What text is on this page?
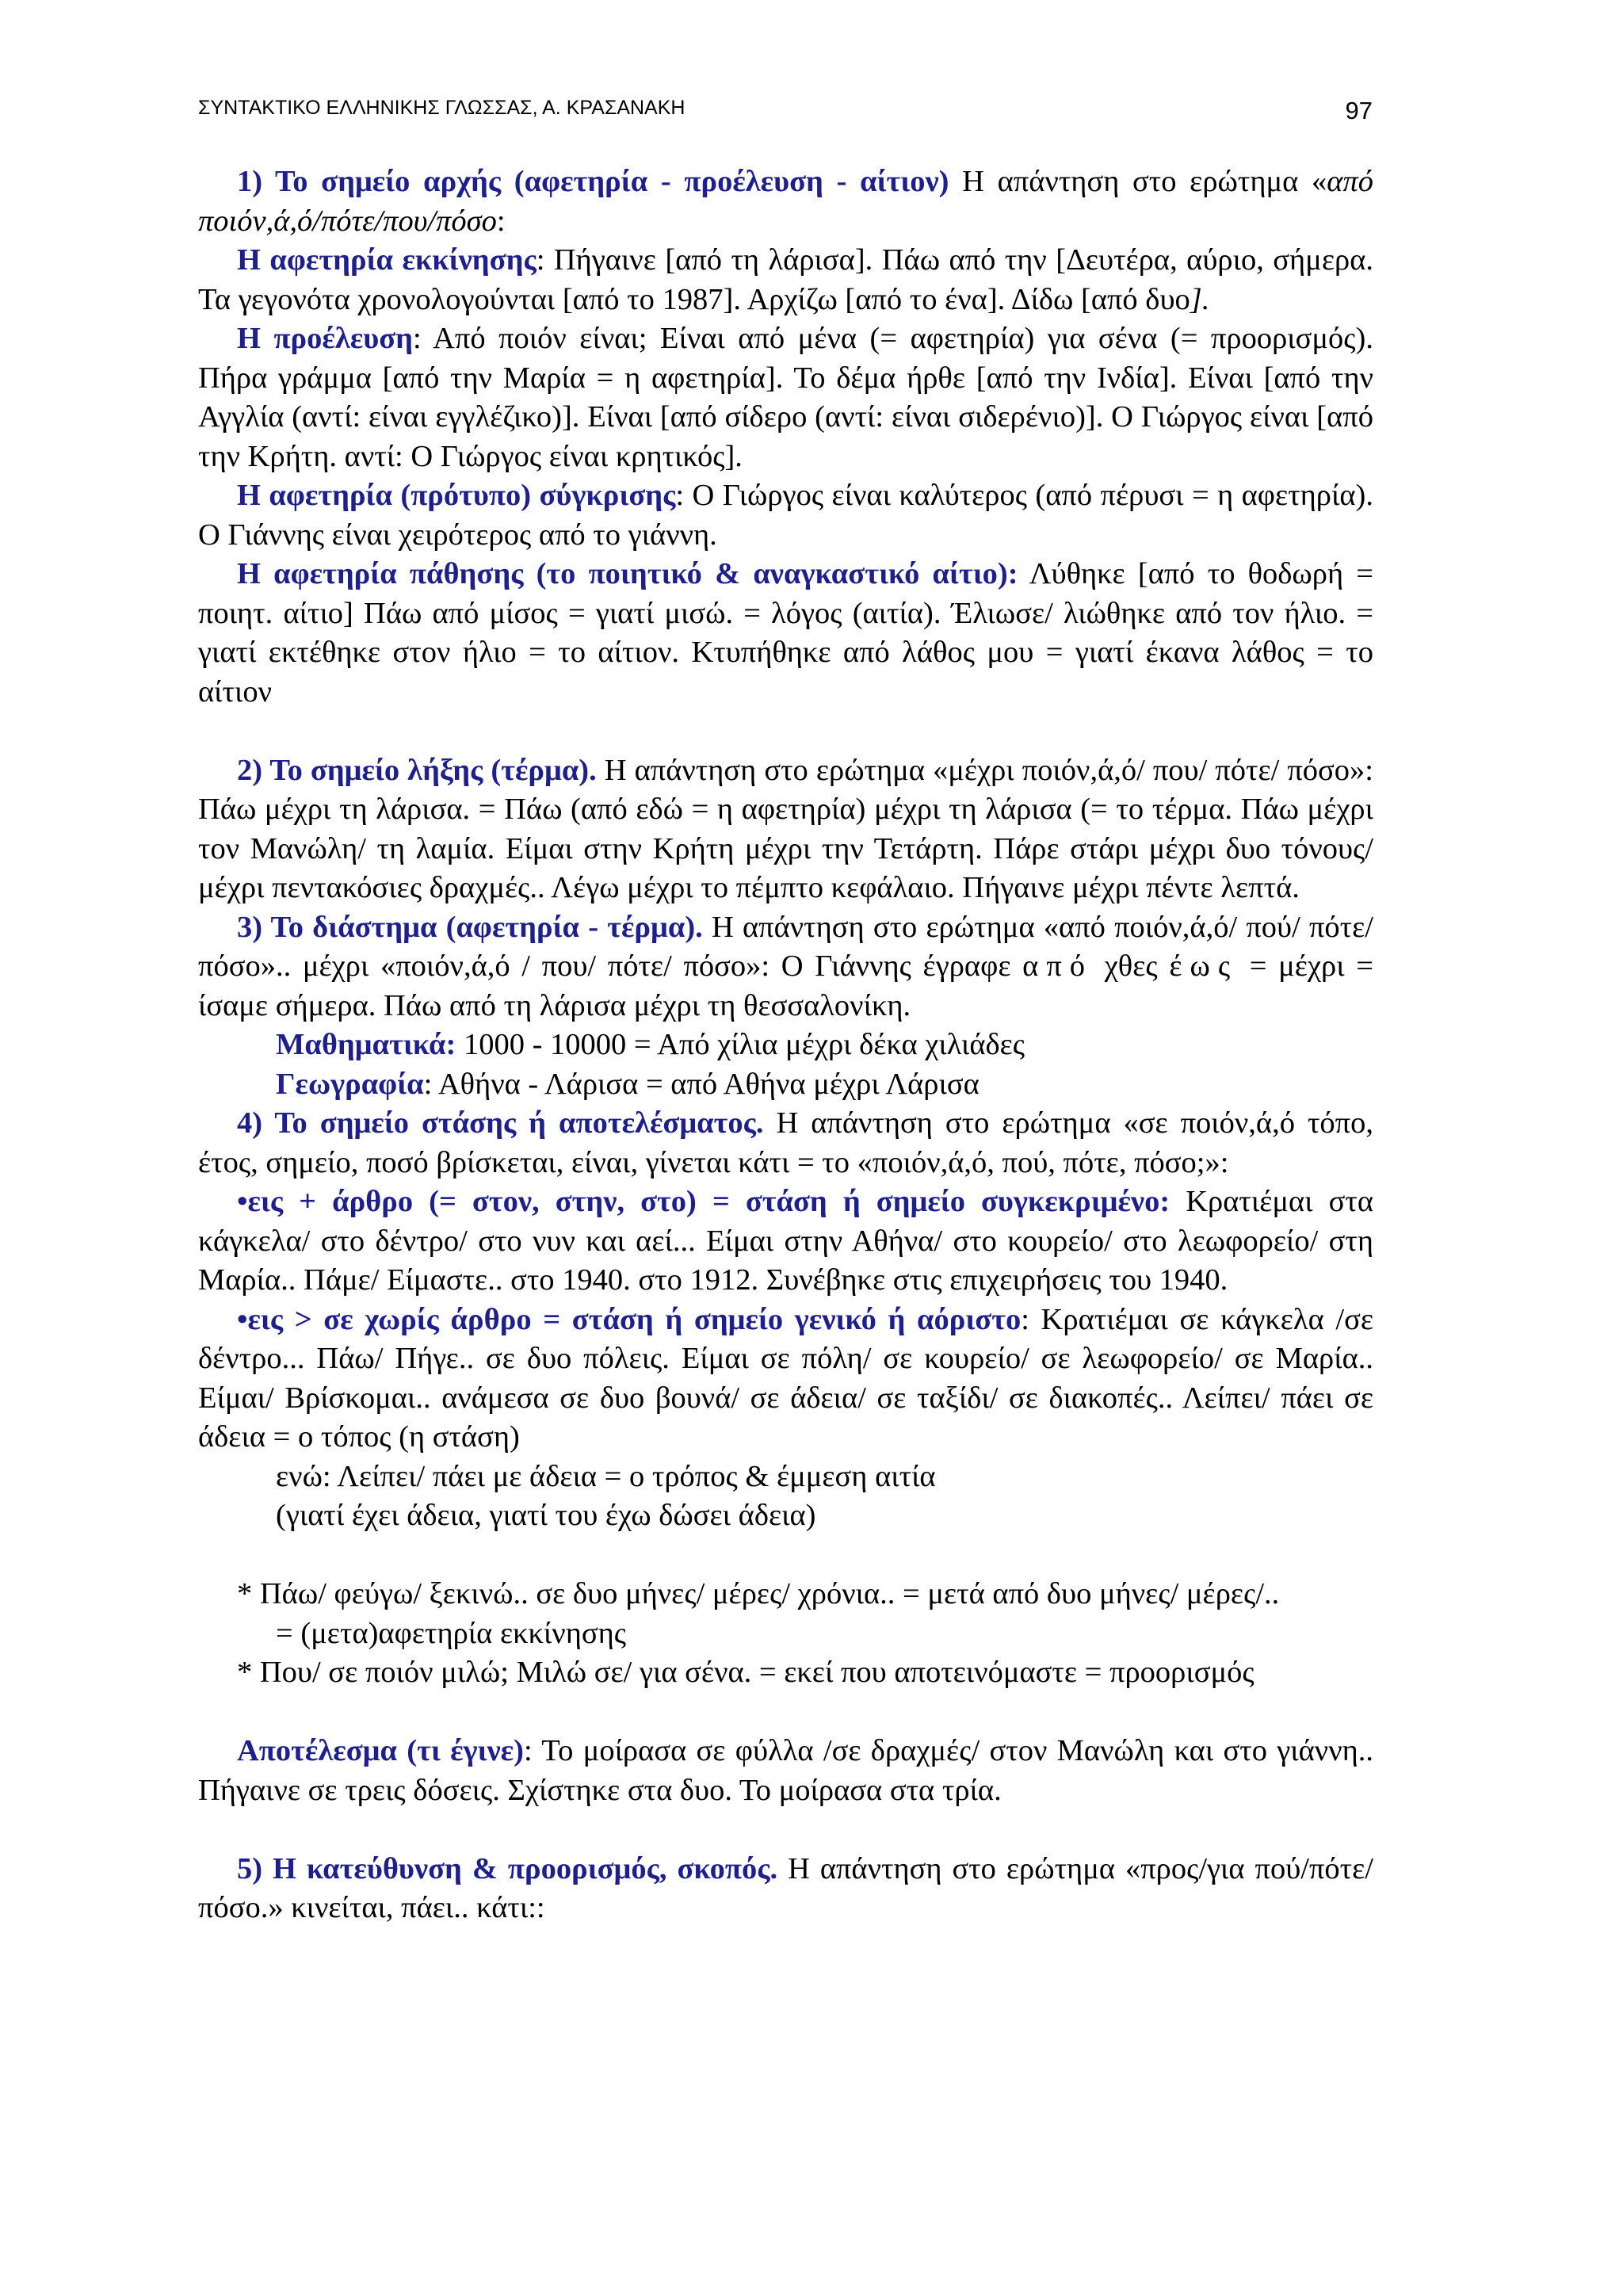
ΣΥΝΤΑΚΤΙΚΟ ΕΛΛΗΝΙΚΗΣ ΓΛΩΣΣΑΣ, Α. ΚΡΑΣΑΝΑΚΗ	97

1) Το σημείο αρχής (αφετηρία - προέλευση - αίτιον) Η απάντηση στο ερώτημα «από ποιόν,ά,ό/πότε/που/πόσο:

Η αφετηρία εκκίνησης: Πήγαινε [από τη λάρισα]. Πάω από την [Δευτέρα, αύριο, σήμερα. Τα γεγονότα χρονολογούνται [από το 1987]. Αρχίζω [από το ένα]. Δίδω [από δυο].

Η προέλευση: Από ποιόν είναι; Είναι από μένα (= αφετηρία) για σένα (= προορισμός). Πήρα γράμμα [από την Μαρία = η αφετηρία]. Το δέμα ήρθε [από την Ινδία]. Είναι [από την Αγγλία (αντί: είναι εγγλέζικο)]. Είναι [από σίδερο (αντί: είναι σιδερένιο)]. Ο Γιώργος είναι [από την Κρήτη. αντί: Ο Γιώργος είναι κρητικός].

Η αφετηρία (πρότυπο) σύγκρισης: Ο Γιώργος είναι καλύτερος (από πέρυσι = η αφετηρία). Ο Γιάννης είναι χειρότερος από το γιάννη.

Η αφετηρία πάθησης (το ποιητικό & αναγκαστικό αίτιο): Λύθηκε [από το θοδωρή = ποιητ. αίτιο] Πάω από μίσος = γιατί μισώ. = λόγος (αιτία). Έλιωσε/ λιώθηκε από τον ήλιο. = γιατί εκτέθηκε στον ήλιο = το αίτιον. Κτυπήθηκε από λάθος μου = γιατί έκανα λάθος = το αίτιον

2) Το σημείο λήξης (τέρμα). Η απάντηση στο ερώτημα «μέχρι ποιόν,ά,ό/ που/ πότε/ πόσο»: Πάω μέχρι τη λάρισα. = Πάω (από εδώ = η αφετηρία) μέχρι τη λάρισα (= το τέρμα. Πάω μέχρι τον Μανώλη/ τη λαμία. Είμαι στην Κρήτη μέχρι την Τετάρτη. Πάρε στάρι μέχρι δυο τόνους/ μέχρι πεντακόσιες δραχμές.. Λέγω μέχρι το πέμπτο κεφάλαιο. Πήγαινε μέχρι πέντε λεπτά.

3) Το διάστημα (αφετηρία - τέρμα). Η απάντηση στο ερώτημα «από ποιόν,ά,ό/ πού/ πότε/ πόσο».. μέχρι «ποιόν,ά,ό / που/ πότε/ πόσο»: Ο Γιάννης έγραφε από χθες έως = μέχρι = ίσαμε σήμερα. Πάω από τη λάρισα μέχρι τη θεσσαλονίκη.

Μαθηματικά: 1000 - 10000 = Από χίλια μέχρι δέκα χιλιάδες

Γεωγραφία: Αθήνα - Λάρισα = από Αθήνα μέχρι Λάρισα

4) Το σημείο στάσης ή αποτελέσματος. Η απάντηση στο ερώτημα «σε ποιόν,ά,ό τόπο, έτος, σημείο, ποσό βρίσκεται, είναι, γίνεται κάτι = το «ποιόν,ά,ό, πού, πότε, πόσο;»:

•εις + άρθρο (= στον, στην, στο) = στάση ή σημείο συγκεκριμένο: Κρατιέμαι στα κάγκελα/ στο δέντρο/ στο νυν και αεί... Είμαι στην Αθήνα/ στο κουρείο/ στο λεωφορείο/ στη Μαρία.. Πάμε/ Είμαστε.. στο 1940. στο 1912. Συνέβηκε στις επιχειρήσεις του 1940.

•εις > σε χωρίς άρθρο = στάση ή σημείο γενικό ή αόριστο: Κρατιέμαι σε κάγκελα /σε δέντρο... Πάω/ Πήγε.. σε δυο πόλεις. Είμαι σε πόλη/ σε κουρείο/ σε λεωφορείο/ σε Μαρία.. Είμαι/ Βρίσκομαι.. ανάμεσα σε δυο βουνά/ σε άδεια/ σε ταξίδι/ σε διακοπές.. Λείπει/ πάει σε άδεια = ο τόπος (η στάση)

ενώ: Λείπει/ πάει με άδεια = ο τρόπος & έμμεση αιτία

(γιατί έχει άδεια, γιατί του έχω δώσει άδεια)

* Πάω/ φεύγω/ ξεκινώ.. σε δυο μήνες/ μέρες/ χρόνια.. = μετά από δυο μήνες/ μέρες/..

= (μετα)αφετηρία εκκίνησης

* Που/ σε ποιόν μιλώ; Μιλώ σε/ για σένα. = εκεί που αποτεινόμαστε = προορισμός

Αποτέλεσμα (τι έγινε): Το μοίρασα σε φύλλα /σε δραχμές/ στον Μανώλη και στο γιάννη.. Πήγαινε σε τρεις δόσεις. Σχίστηκε στα δυο. Το μοίρασα στα τρία.

5) Η κατεύθυνση & προορισμός, σκοπός. Η απάντηση στο ερώτημα «προς/για πού/πότε/πόσο.» κινείται, πάει.. κάτι::
